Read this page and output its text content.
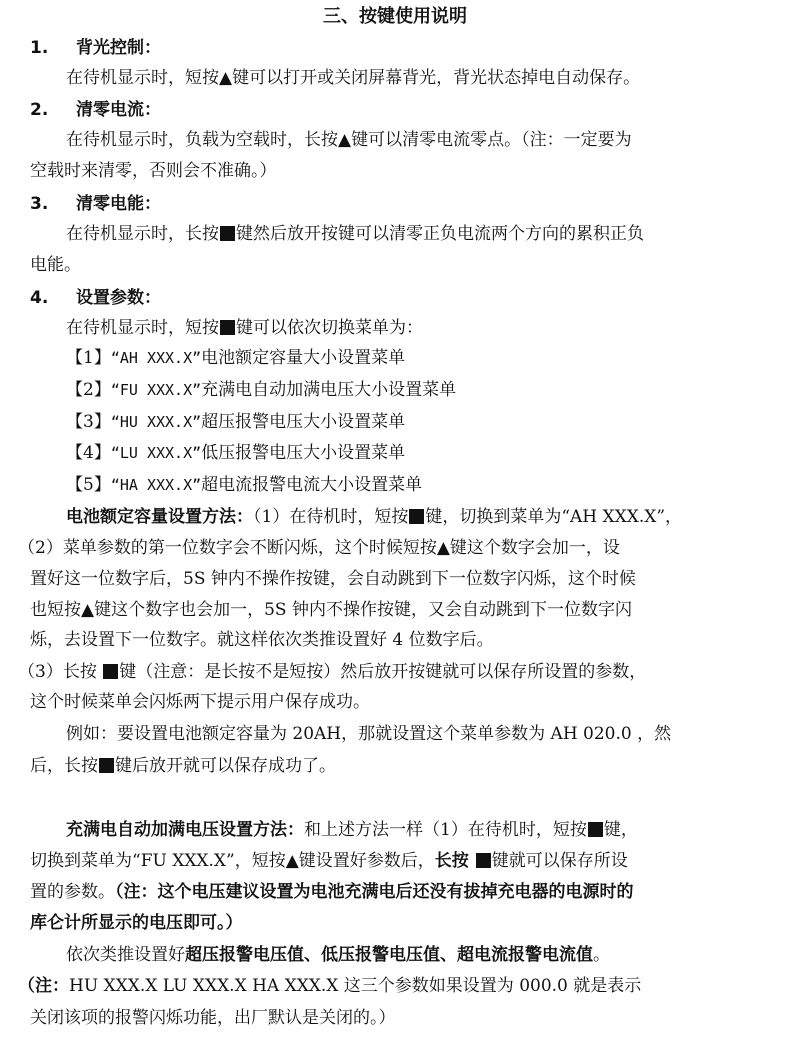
三、按键使用说明
1. 背光控制：
在待机显示时，短按▲键可以打开或关闭屏幕背光，背光状态掉电自动保存。
2. 清零电流：
在待机显示时，负载为空载时，长按▲键可以清零电流零点。（注：一定要为
空载时来清零，否则会不准确。）
3. 清零电能：
在待机显示时，长按 键然后放开按键可以清零正负电流两个方向的累积正负
电能。
4. 设置参数：
在待机显示时，短按 键可以依次切换菜单为：
【1】“AH XXX.X”电池额定容量大小设置菜单
【2】“FU XXX.X”充满电自动加满电压大小设置菜单
【3】“HU XXX.X”超压报警电压大小设置菜单
【4】“LU XXX.X”低压报警电压大小设置菜单
【5】“HA XXX.X”超电流报警电流大小设置菜单
电池额定容量设置方法：（1）在待机时，短按 键，切换到菜单为“AH XXX.X”，
（2）菜单参数的第一位数字会不断闪烁，这个时候短按▲键这个数字会加一，设
置好这一位数字后，5S 钟内不操作按键，会自动跳到下一位数字闪烁，这个时候
也短按▲键这个数字也会加一，5S 钟内不操作按键，又会自动跳到下一位数字闪
烁，去设置下一位数字。就这样依次类推设置好 4 位数字后。
（3）长按 键（注意：是长按不是短按）然后放开按键就可以保存所设置的参数，
这个时候菜单会闪烁两下提示用户保存成功。
例如：要设置电池额定容量为 20AH，那就设置这个菜单参数为 AH 020.0 ，然
后，长按 键后放开就可以保存成功了。
充满电自动加满电压设置方法：和上述方法一样（1）在待机时，短按 键，
切换到菜单为“FU XXX.X”，短按▲键设置好参数后，长按 键就可以保存所设
置的参数。（注：这个电压建议设置为电池充满电后还没有拔掉充电器的电源时的
库仑计所显示的电压即可。）
依次类推设置好超压报警电压值、低压报警电压值、超电流报警电流值。
（注：HU XXX.X LU XXX.X HA XXX.X 这三个参数如果设置为 000.0 就是表示
关闭该项的报警闪烁功能，出厂默认是关闭的。）
